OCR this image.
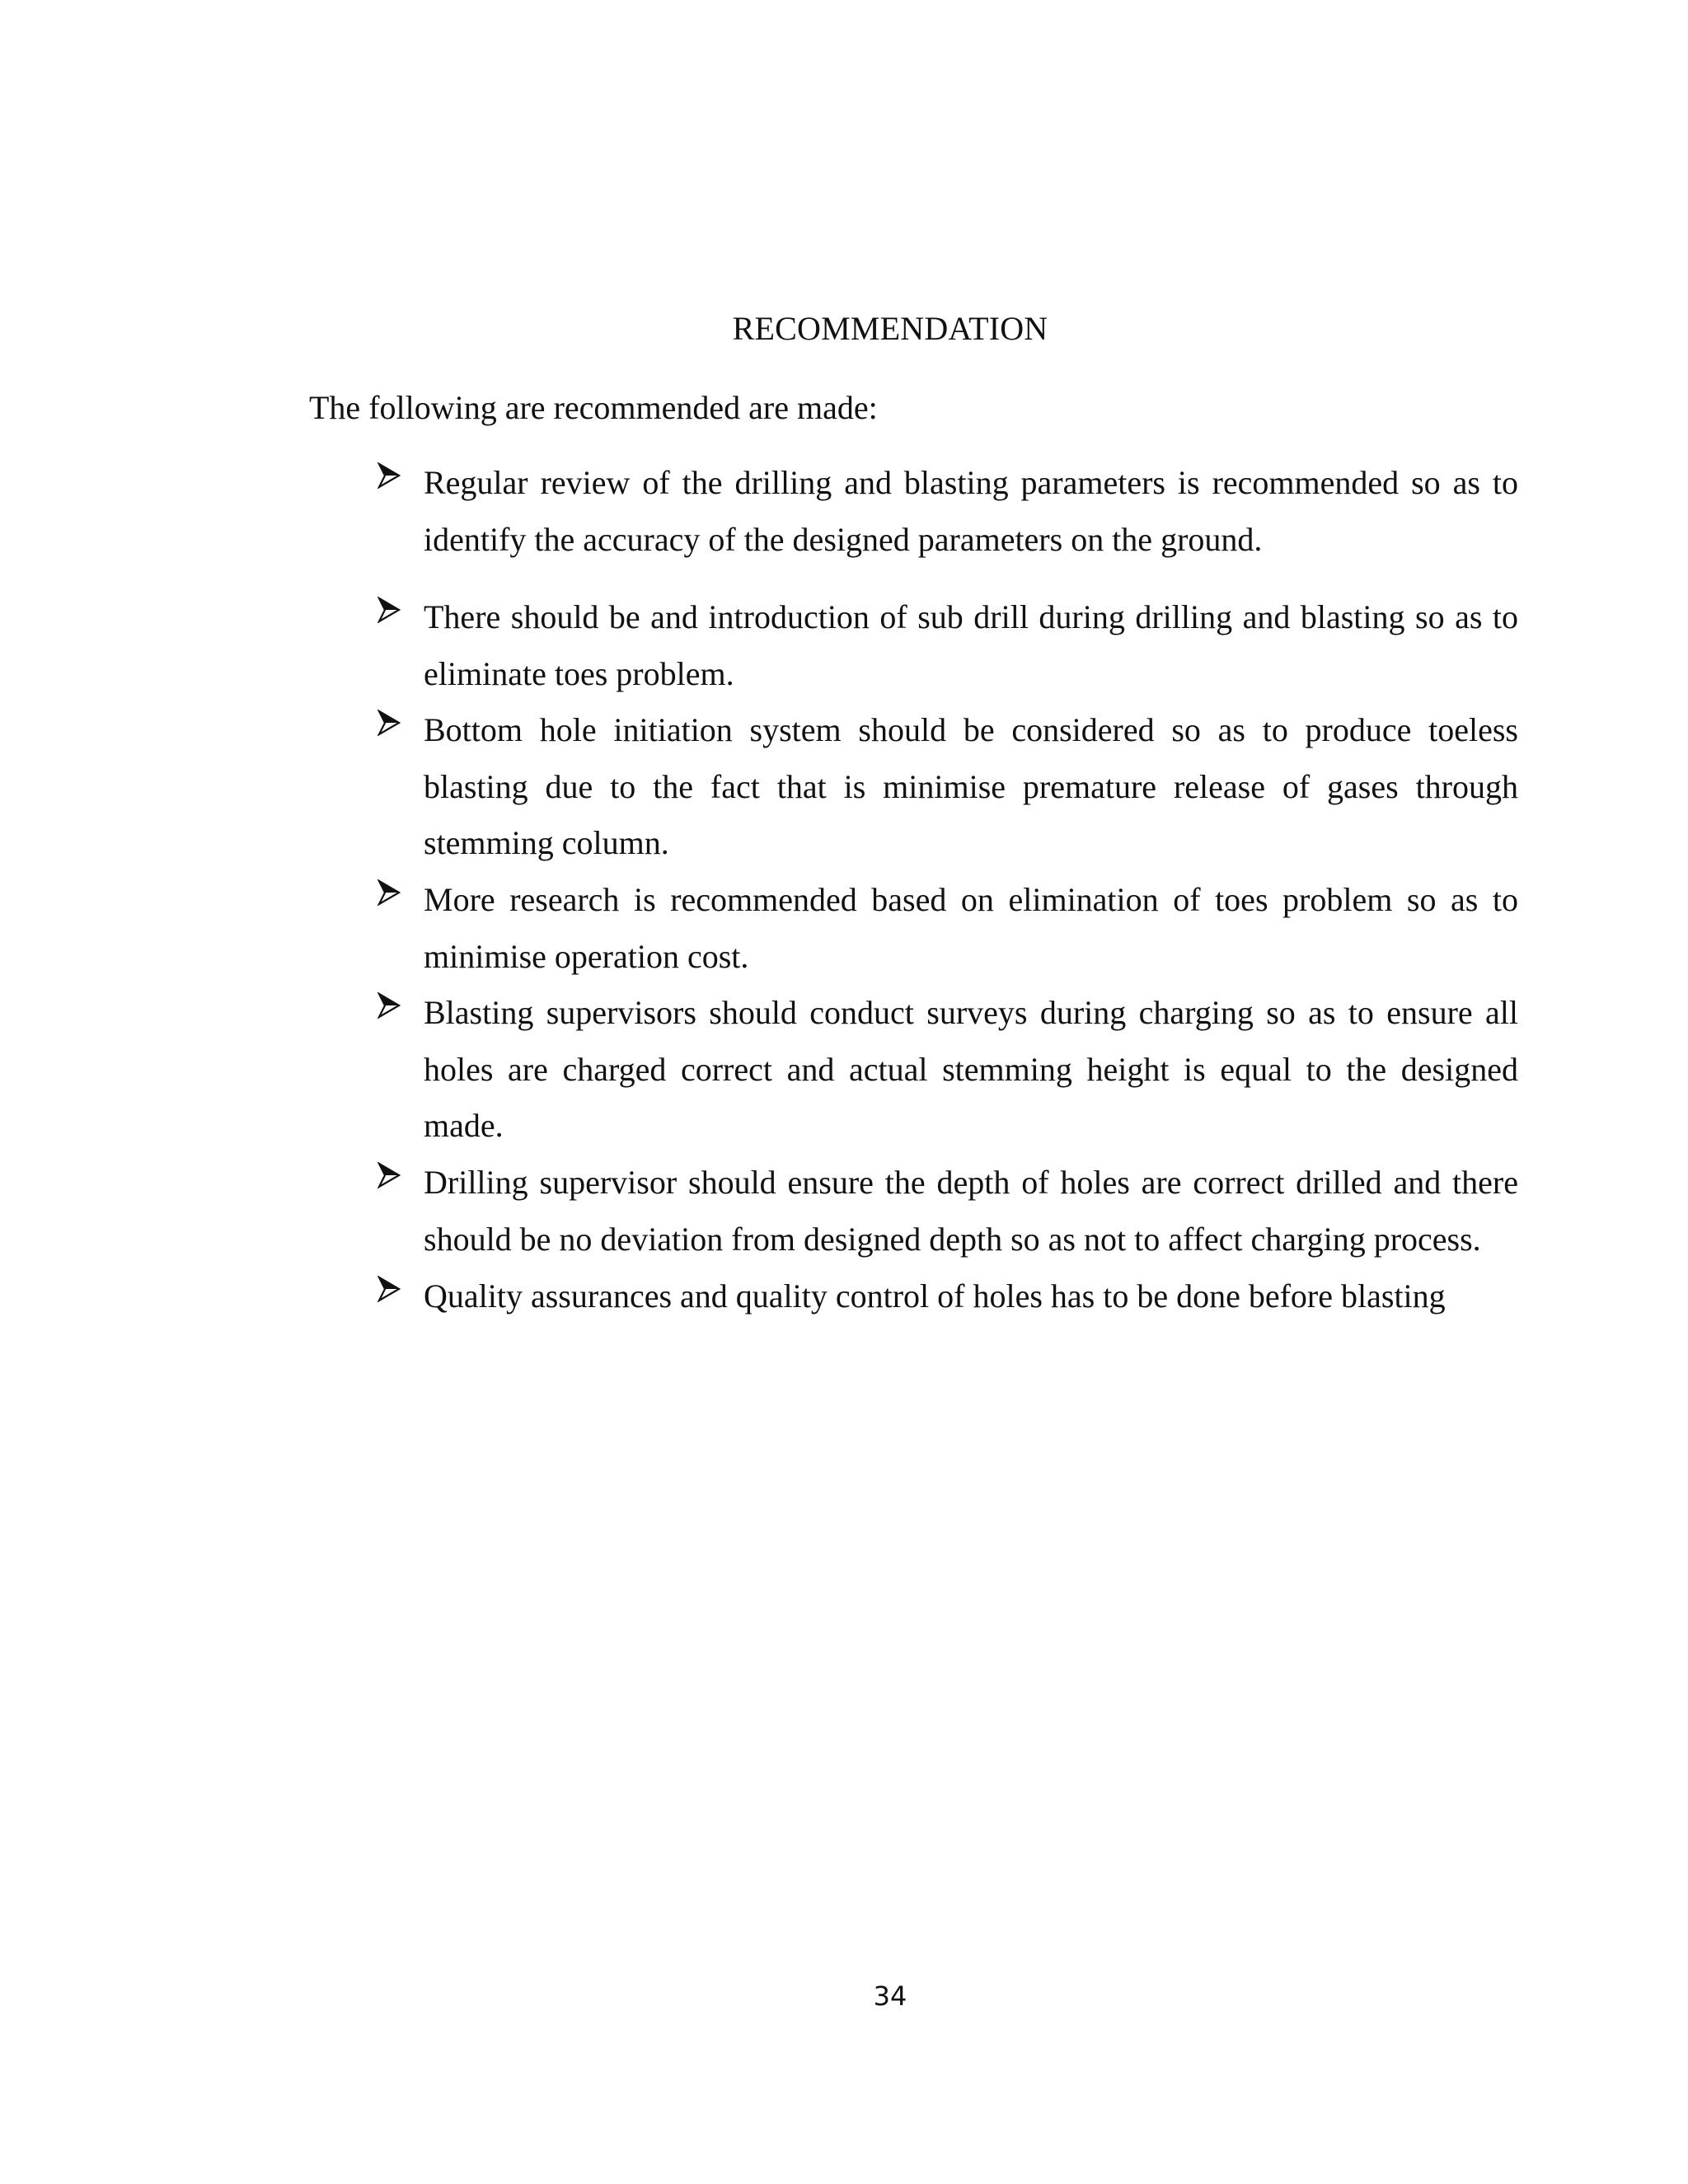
RECOMMENDATION
The following are recommended are made:
Regular review of the drilling and blasting parameters is recommended so as to identify the accuracy of the designed parameters on the ground.
There should be and introduction of sub drill during drilling and blasting so as to eliminate toes problem.
Bottom hole initiation system should be considered so as to produce toeless blasting due to the fact that is minimise premature release of gases through stemming column.
More research is recommended based on elimination of toes problem so as to minimise operation cost.
Blasting supervisors should conduct surveys during charging so as to ensure all holes are charged correct and actual stemming height is equal to the designed made.
Drilling supervisor should ensure the depth of holes are correct drilled and there should be no deviation from designed depth so as not to affect charging process.
Quality assurances and quality control of holes has to be done before blasting
34
